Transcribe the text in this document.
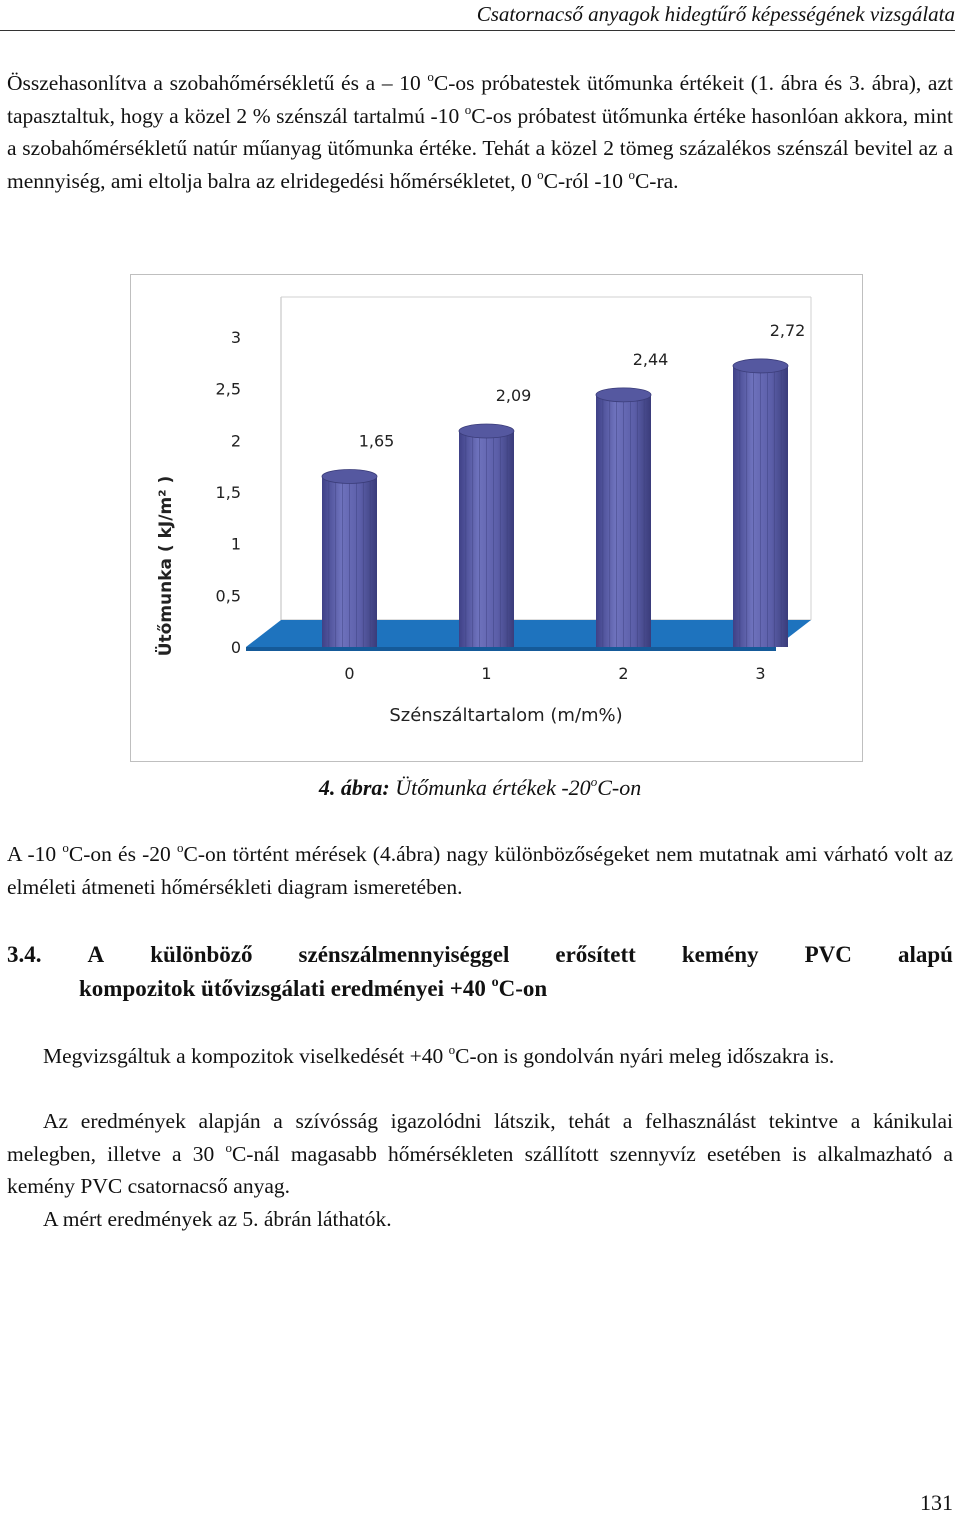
Csatornacső anyagok hidegtűrő képességének vizsgálata

Összehasonlítva a szobahőmérsékletű és a – 10 $^o$C-os próbatestek ütőmunka értékeit (1. ábra és 3. ábra), azt tapasztaltuk, hogy a közel 2 % szénszál tartalmú -10 $^o$C-os próbatest ütőmunka értéke hasonlóan akkora, mint a szobahőmérsékletű natúr műanyag ütőmunka értéke. Tehát a közel 2 tömeg százalékos szénszál bevitel az a mennyiség, ami eltolja balra az elridegedési hőmérsékletet, 0 $^o$C-ról -10 $^o$C-ra.

0
0,5
1
1,5
2
2,5
3
Ütőmunka ( kJ/m² )
1,65
2,09
2,44
2,72
0	1	2	3
Szénszáltartalom (m/m%)
4. ábra: Ütőmunka értékek -20$^o$C-on

A -10 $^o$C-on és -20 $^o$C-on történt mérések (4.ábra) nagy különbözőségeket nem mutatnak ami várható volt az elméleti átmeneti hőmérsékleti diagram ismeretében.

3.4. A különböző szénszálmennyiséggel erősített kemény PVC alapú
kompozitok ütővizsgálati eredményei +40 $^o$C-on

Megvizsgáltuk a kompozitok viselkedését +40 $^o$C-on is gondolván nyári meleg időszakra is.

Az eredmények alapján a szívósság igazolódni látszik, tehát a felhasználást tekintve a kánikulai melegben, illetve a 30 $^o$C-nál magasabb hőmérsékleten szállított szennyvíz esetében is alkalmazható a kemény PVC csatornacső anyag.

A mért eredmények az 5. ábrán láthatók.

131
